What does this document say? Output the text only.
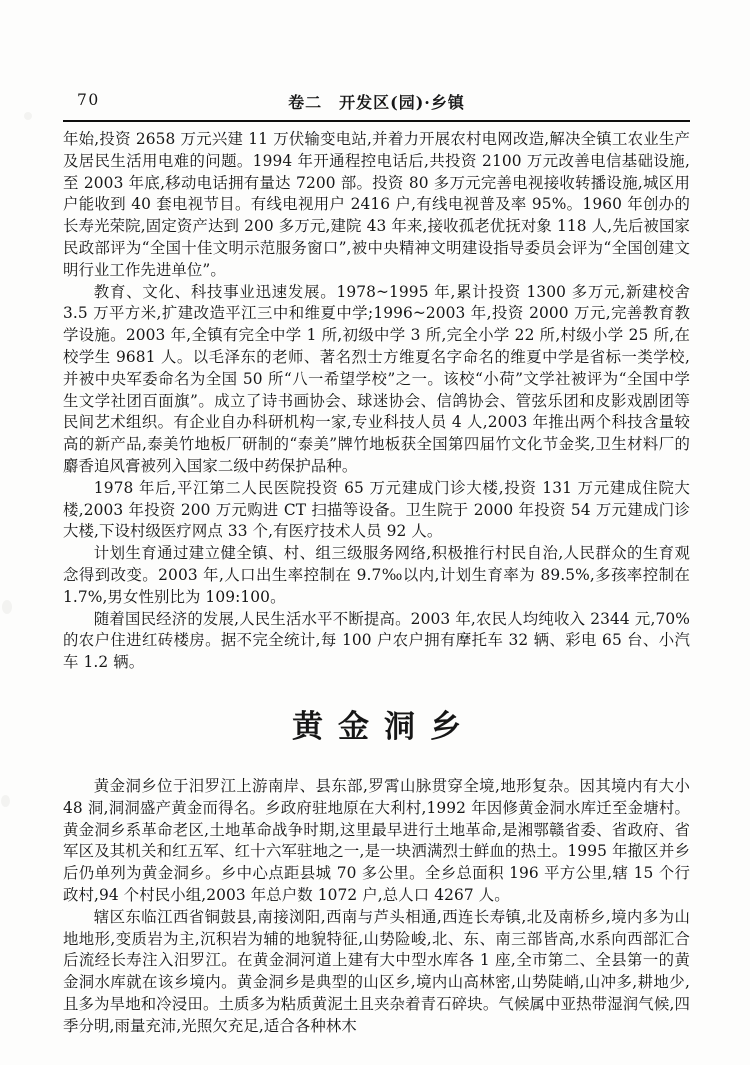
70	卷二　开发区(园)·乡镇

年始,投资 2658 万元兴建 11 万伏输变电站,并着力开展农村电网改造,解决全镇工农业生产及居民生活用电难的问题。1994 年开通程控电话后,共投资 2100 万元改善电信基础设施,至 2003 年底,移动电话拥有量达 7200 部。投资 80 多万元完善电视接收转播设施,城区用户能收到 40 套电视节目。有线电视用户 2416 户,有线电视普及率 95%。1960 年创办的长寿光荣院,固定资产达到 200 多万元,建院 43 年来,接收孤老优抚对象 118 人,先后被国家民政部评为“全国十佳文明示范服务窗口”,被中央精神文明建设指导委员会评为“全国创建文明行业工作先进单位”。

教育、文化、科技事业迅速发展。1978~1995 年,累计投资 1300 多万元,新建校舍 3.5 万平方米,扩建改造平江三中和维夏中学;1996~2003 年,投资 2000 万元,完善教育教学设施。2003 年,全镇有完全中学 1 所,初级中学 3 所,完全小学 22 所,村级小学 25 所,在校学生 9681 人。以毛泽东的老师、著名烈士方维夏名字命名的维夏中学是省标一类学校,并被中央军委命名为全国 50 所“八一希望学校”之一。该校“小荷”文学社被评为“全国中学生文学社团百面旗”。成立了诗书画协会、球迷协会、信鸽协会、管弦乐团和皮影戏剧团等民间艺术组织。有企业自办科研机构一家,专业科技人员 4 人,2003 年推出两个科技含量较高的新产品,泰美竹地板厂研制的“泰美”牌竹地板获全国第四届竹文化节金奖,卫生材料厂的麝香追风膏被列入国家二级中药保护品种。

1978 年后,平江第二人民医院投资 65 万元建成门诊大楼,投资 131 万元建成住院大楼,2003 年投资 200 万元购进 CT 扫描等设备。卫生院于 2000 年投资 54 万元建成门诊大楼,下设村级医疗网点 33 个,有医疗技术人员 92 人。

计划生育通过建立健全镇、村、组三级服务网络,积极推行村民自治,人民群众的生育观念得到改变。2003 年,人口出生率控制在 9.7‰以内,计划生育率为 89.5%,多孩率控制在 1.7%,男女性别比为 109:100。

随着国民经济的发展,人民生活水平不断提高。2003 年,农民人均纯收入 2344 元,70%的农户住进红砖楼房。据不完全统计,每 100 户农户拥有摩托车 32 辆、彩电 65 台、小汽车 1.2 辆。

黄金洞乡

黄金洞乡位于汨罗江上游南岸、县东部,罗霄山脉贯穿全境,地形复杂。因其境内有大小 48 洞,洞洞盛产黄金而得名。乡政府驻地原在大利村,1992 年因修黄金洞水库迁至金塘村。黄金洞乡系革命老区,土地革命战争时期,这里最早进行土地革命,是湘鄂赣省委、省政府、省军区及其机关和红五军、红十六军驻地之一,是一块洒满烈士鲜血的热土。1995 年撤区并乡后仍单列为黄金洞乡。乡中心点距县城 70 多公里。全乡总面积 196 平方公里,辖 15 个行政村,94 个村民小组,2003 年总户数 1072 户,总人口 4267 人。

辖区东临江西省铜鼓县,南接浏阳,西南与芦头相通,西连长寿镇,北及南桥乡,境内多为山地地形,变质岩为主,沉积岩为辅的地貌特征,山势险峻,北、东、南三部皆高,水系向西部汇合后流经长寿注入汨罗江。在黄金洞河道上建有大中型水库各 1 座,全市第二、全县第一的黄金洞水库就在该乡境内。黄金洞乡是典型的山区乡,境内山高林密,山势陡峭,山冲多,耕地少,且多为旱地和冷浸田。土质多为粘质黄泥土且夹杂着青石碎块。气候属中亚热带湿润气候,四季分明,雨量充沛,光照欠充足,适合各种林木
